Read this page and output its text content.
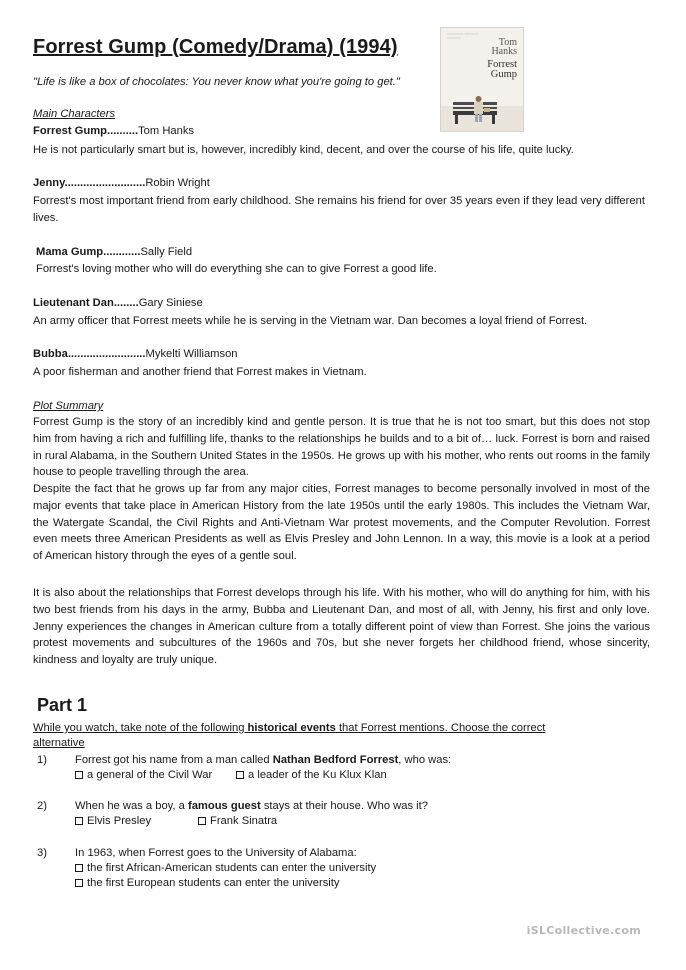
Forrest Gump (Comedy/Drama) (1994)
"Life is like a box of chocolates: You never know what you're going to get."
::::::::::::::::: ::::::::::::::: ::::::::::::::	Tom Hanks
Forrest Gump
Main Characters
Forrest Gump..........Tom Hanks
He is not particularly smart but is, however, incredibly kind, decent, and over the course of his life, quite lucky.
Jenny..........................Robin Wright
Forrest's most important friend from early childhood. She remains his friend for over 35 years even if they lead very different lives.
Mama Gump............Sally Field
Forrest's loving mother who will do everything she can to give Forrest a good life.
Lieutenant Dan........Gary Siniese
An army officer that Forrest meets while he is serving in the Vietnam war. Dan becomes a loyal friend of Forrest.
Bubba.........................Mykelti Williamson
A poor fisherman and another friend that Forrest makes in Vietnam.
Plot Summary
Forrest Gump is the story of an incredibly kind and gentle person. It is true that he is not too smart, but this does not stop him from having a rich and fulfilling life, thanks to the relationships he builds and to a bit of… luck. Forrest is born and raised in rural Alabama, in the Southern United States in the 1950s. He grows up with his mother, who rents out rooms in the family house to people travelling through the area.
Despite the fact that he grows up far from any major cities, Forrest manages to become personally involved in most of the major events that take place in American History from the late 1950s until the early 1980s. This includes the Vietnam War, the Watergate Scandal, the Civil Rights and Anti-Vietnam War protest movements, and the Computer Revolution. Forrest even meets three American Presidents as well as Elvis Presley and John Lennon. In a way, this movie is a look at a period of American history through the eyes of a gentle soul.
It is also about the relationships that Forrest develops through his life. With his mother, who will do anything for him, with his two best friends from his days in the army, Bubba and Lieutenant Dan, and most of all, with Jenny, his first and only love. Jenny experiences the changes in American culture from a totally different point of view than Forrest. She joins the various protest movements and subcultures of the 1960s and 70s, but she never forgets her childhood friend, whose sincerity, kindness and loyalty are truly unique.
Part 1
While you watch, take note of the following historical events that Forrest mentions. Choose the correct alternative
1)	Forrest got his name from a man called Nathan Bedford Forrest, who was:
a general of the Civil War	a leader of the Ku Klux Klan
2)	When he was a boy, a famous guest stays at their house. Who was it?
Elvis Presley	Frank Sinatra
3)	In 1963, when Forrest goes to the University of Alabama:
the first African-American students can enter the university
the first European students can enter the university
iSLCollective.com
